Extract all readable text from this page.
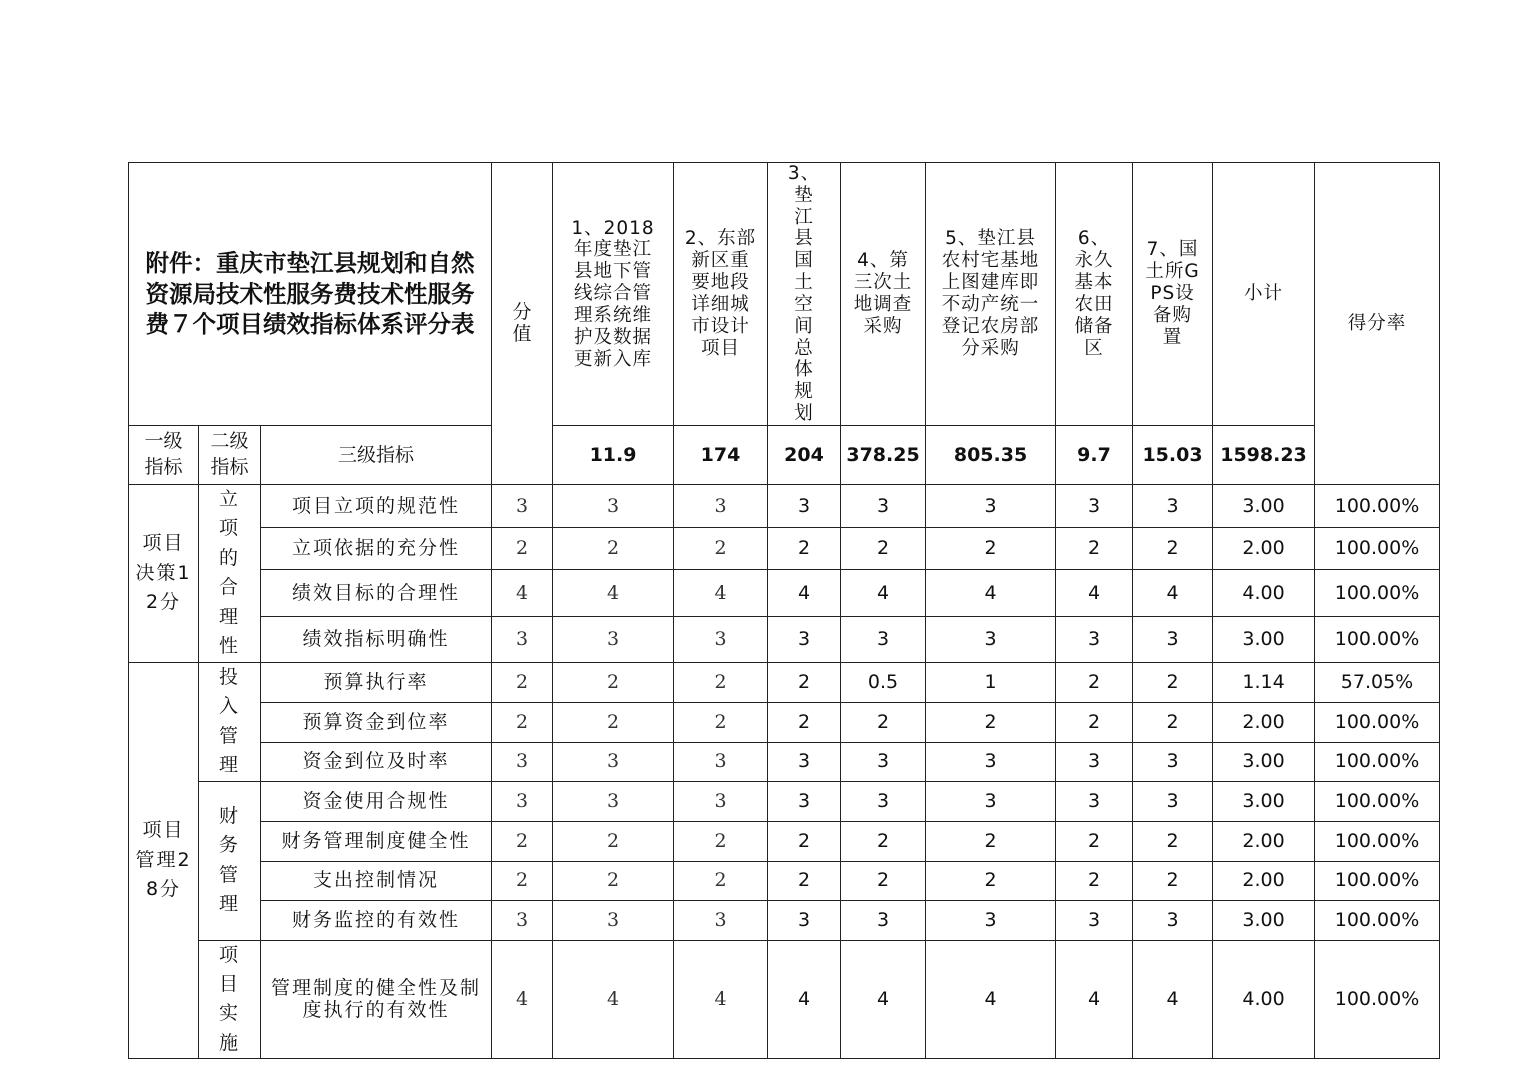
附件：重庆市垫江县规划和自然资源局技术性服务费技术性服务费７个项目绩效指标体系评分表			分值	1、2018年度垫江县地下管线综合管理系统维护及数据更新入库	2、东部新区重要地段详细城市设计项目	3、垫江县国土空间总体规划	4、第三次土地调查采购	5、垫江县农村宅基地上图建库即不动产统一登记农房部分采购	6、永久基本农田储备区	7、国土所GPS设备购置	小计	得分率

一级指标	二级指标	三级指标		11.9	174	204	378.25	805.35	9.7	15.03	1598.23	

项目决策12分	立项的合理性	项目立项的规范性	3	3	3	3	3	3	3	3	3.00	100.00%
		立项依据的充分性	2	2	2	2	2	2	2	2	2.00	100.00%
		绩效目标的合理性	4	4	4	4	4	4	4	4	4.00	100.00%
		绩效指标明确性	3	3	3	3	3	3	3	3	3.00	100.00%

项目管理28分	投入管理	预算执行率	2	2	2	2	0.5	1	2	2	1.14	57.05%
		预算资金到位率	2	2	2	2	2	2	2	2	2.00	100.00%
		资金到位及时率	3	3	3	3	3	3	3	3	3.00	100.00%

	财务管理	资金使用合规性	3	3	3	3	3	3	3	3	3.00	100.00%
		财务管理制度健全性	2	2	2	2	2	2	2	2	2.00	100.00%
		支出控制情况	2	2	2	2	2	2	2	2	2.00	100.00%
		财务监控的有效性	3	3	3	3	3	3	3	3	3.00	100.00%

	项目实施	管理制度的健全性及制度执行的有效性	4	4	4	4	4	4	4	4	4.00	100.00%
